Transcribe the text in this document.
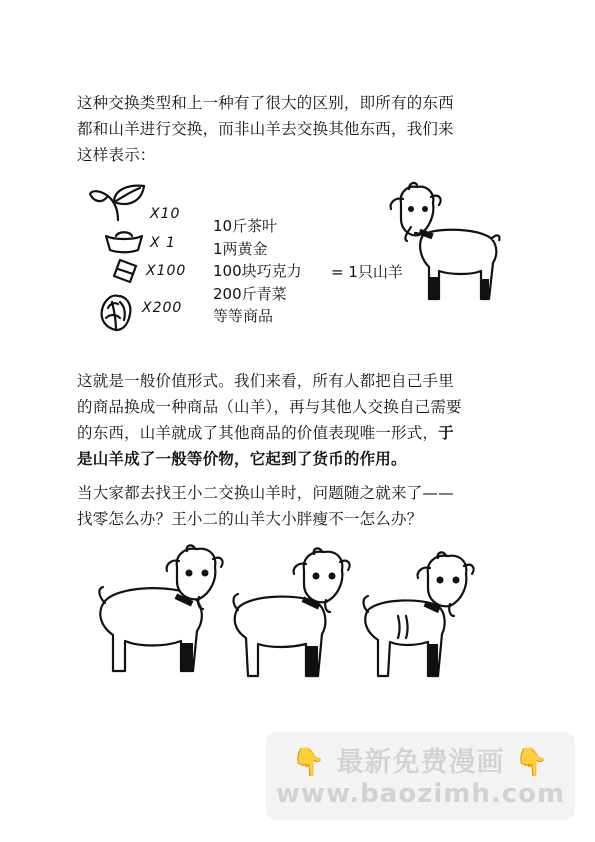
这种交换类型和上一种有了很大的区别，即所有的东西
都和山羊进行交换，而非山羊去交换其他东西，我们来
这样表示：

X10
X 1
X100
X200
10斤茶叶
1两黄金
100块巧克力
200斤青菜
等等商品
= 1只山羊

这就是一般价值形式。我们来看，所有人都把自己手里
的商品换成一种商品（山羊），再与其他人交换自己需要
的东西，山羊就成了其他商品的价值表现唯一形式，于
是山羊成了一般等价物，它起到了货币的作用。

当大家都去找王小二交换山羊时，问题随之就来了——
找零怎么办？王小二的山羊大小胖瘦不一怎么办？

👇 最新免费漫画 👇
www.baozimh.com
